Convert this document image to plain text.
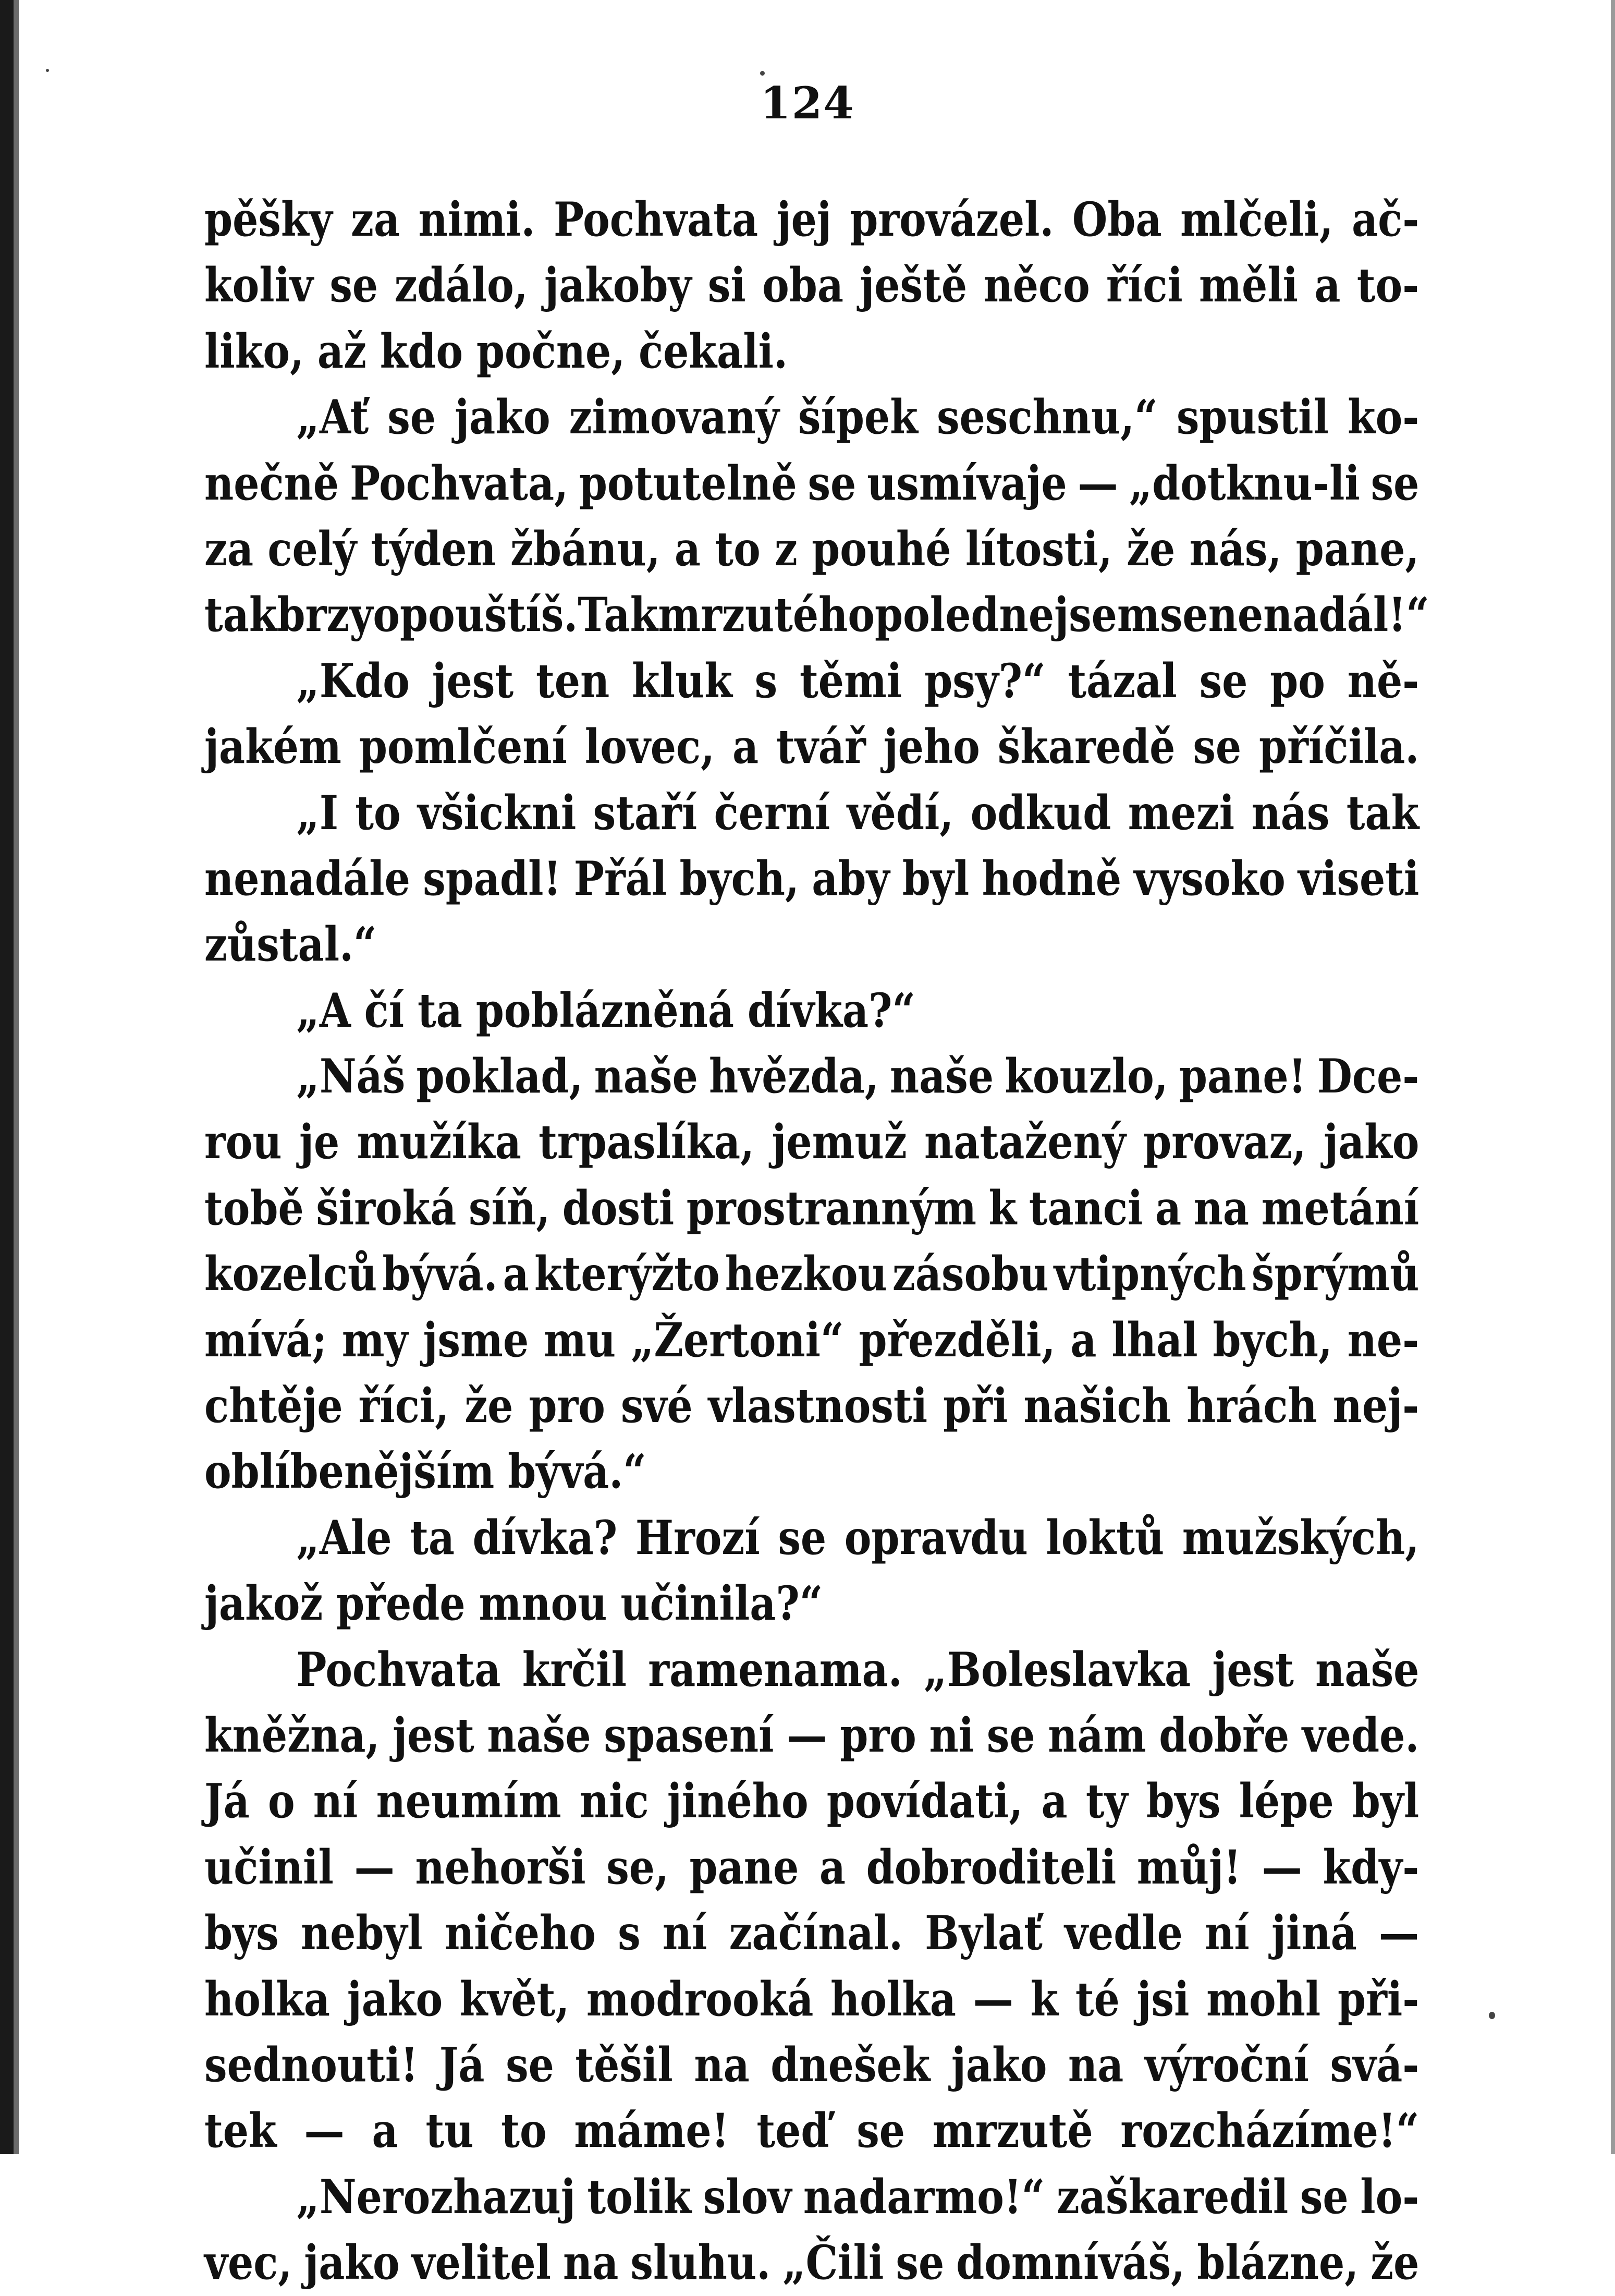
124
pěšky za nimi. Pochvata jej provázel. Oba mlčeli, ač-
koliv se zdálo, jakoby si oba ještě něco říci měli a to-
liko, až kdo počne, čekali.
„Ať se jako zimovaný šípek seschnu,“ spustil ko-
nečně Pochvata, potutelně se usmívaje — „dotknu-li se
za celý týden žbánu, a to z pouhé lítosti, že nás, pane,
tak brzy opouštíš. Tak mrzutého poledne jsem se nenadál!“
„Kdo jest ten kluk s těmi psy?“ tázal se po ně-
jakém pomlčení lovec, a tvář jeho škaredě se příčila.
„I to všickni staří černí vědí, odkud mezi nás tak
nenadále spadl! Přál bych, aby byl hodně vysoko viseti
zůstal.“
„A čí ta poblázněná dívka?“
„Náš poklad, naše hvězda, naše kouzlo, pane! Dce-
rou je mužíka trpaslíka, jemuž natažený provaz, jako
tobě široká síň, dosti prostranným k tanci a na metání
kozelců bývá. a kterýžto hezkou zásobu vtipných šprýmů
mívá; my jsme mu „Žertoni“ přezděli, a lhal bych, ne-
chtěje říci, že pro své vlastnosti při našich hrách nej-
oblíbenějším bývá.“
„Ale ta dívka? Hrozí se opravdu loktů mužských,
jakož přede mnou učinila?“
Pochvata krčil ramenama. „Boleslavka jest naše
kněžna, jest naše spasení — pro ni se nám dobře vede.
Já o ní neumím nic jiného povídati, a ty bys lépe byl
učinil — nehorši se, pane a dobroditeli můj! — kdy-
bys nebyl ničeho s ní začínal. Bylať vedle ní jiná —
holka jako květ, modrooká holka — k té jsi mohl při-
sednouti! Já se těšil na dnešek jako na výroční svá-
tek — a tu to máme! teď se mrzutě rozcházíme!“
„Nerozhazuj tolik slov nadarmo!“ zaškaredil se lo-
vec, jako velitel na sluhu. „Čili se domníváš, blázne, že
